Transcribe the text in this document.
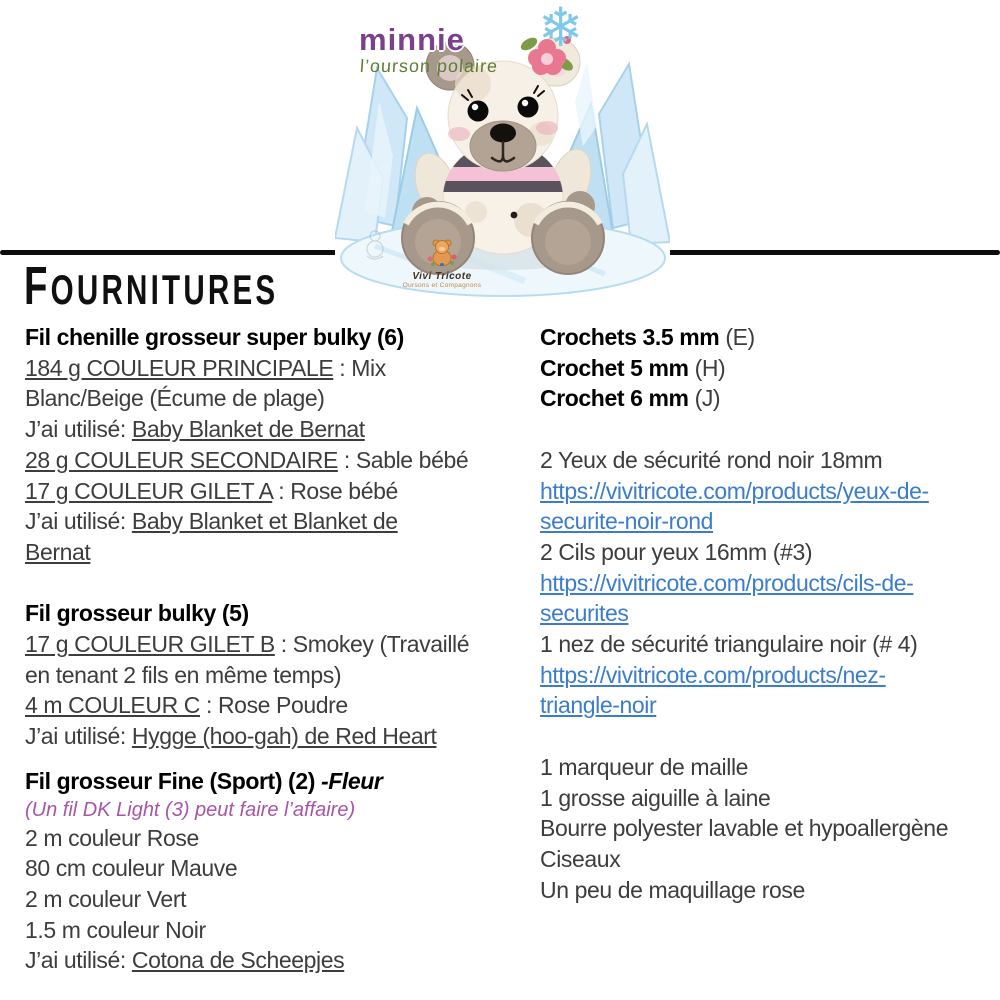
minnie
l’ourson polaire
❄
Vivi Tricote
Oursons et Compagnons
FOURNITURES
Fil chenille grosseur super bulky (6)
184 g COULEUR PRINCIPALE : Mix
Blanc/Beige (Écume de plage)
J’ai utilisé: Baby Blanket de Bernat
28 g COULEUR SECONDAIRE : Sable bébé
17 g COULEUR GILET A : Rose bébé
J’ai utilisé: Baby Blanket et Blanket de
Bernat
Fil grosseur bulky (5)
17 g COULEUR GILET B : Smokey (Travaillé
en tenant 2 fils en même temps)
4 m COULEUR C : Rose Poudre
J’ai utilisé: Hygge (hoo-gah) de Red Heart
Fil grosseur Fine (Sport) (2) -Fleur
(Un fil DK Light (3) peut faire l’affaire)
2 m couleur Rose
80 cm couleur Mauve
2 m couleur Vert
1.5 m couleur Noir
J’ai utilisé: Cotona de Scheepjes
Crochets 3.5 mm (E)
Crochet 5 mm (H)
Crochet 6 mm (J)
2 Yeux de sécurité rond noir 18mm
https://vivitricote.com/products/yeux-de-
securite-noir-rond
2 Cils pour yeux 16mm (#3)
https://vivitricote.com/products/cils-de-
securites
1 nez de sécurité triangulaire noir (# 4)
https://vivitricote.com/products/nez-
triangle-noir
1 marqueur de maille
1 grosse aiguille à laine
Bourre polyester lavable et hypoallergène
Ciseaux
Un peu de maquillage rose
